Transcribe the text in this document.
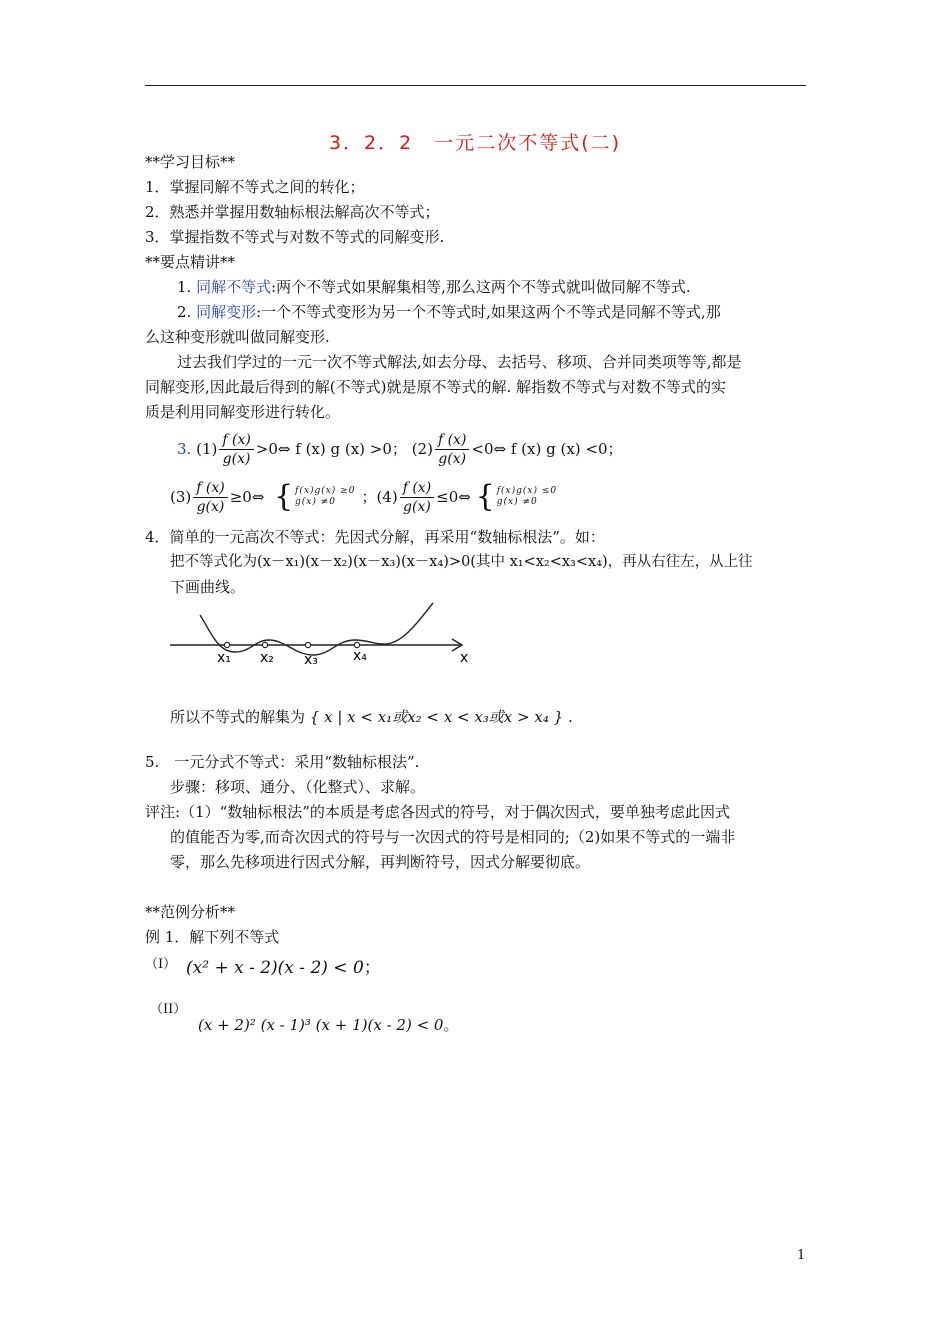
3．2．2　一元二次不等式(二)
**学习目标**
1．掌握同解不等式之间的转化；
2．熟悉并掌握用数轴标根法解高次不等式；
3．掌握指数不等式与对数不等式的同解变形.
**要点精讲**
1. 同解不等式:两个不等式如果解集相等,那么这两个不等式就叫做同解不等式.
2. 同解变形:一个不等式变形为另一个不等式时,如果这两个不等式是同解不等式,那
么这种变形就叫做同解变形.
过去我们学过的一元一次不等式解法,如去分母、去括号、移项、合并同类项等等,都是
同解变形,因此最后得到的解(不等式)就是原不等式的解. 解指数不等式与对数不等式的实
质是利用同解变形进行转化。
3.
$(1) \frac{f (x)}{g(x)}$ >0⇔ f (x) g (x) >0；
$(2) \frac{f (x)}{g(x)}$ <0⇔ f (x) g (x) <0；
$(3) \frac{f (x)}{g(x)}$ ≥0⇔
{ f(x)g(x) ≥0
g(x) ≠0	；$(4) \frac{f (x)}{g(x)}$ ≤0⇔
{ f(x)g(x) ≤0
g(x) ≠0
4．简单的一元高次不等式：先因式分解，再采用“数轴标根法”。如：
把不等式化为(x－x₁)(x－x₂)(x－x₃)(x－x₄)>0(其中 x₁<x₂<x₃<x₄)，再从右往左，从上往
下画曲线。
x₁ x₂ x₃	x₄	x
所以不等式的解集为 { x | x < x₁或x₂ < x < x₃或x > x₄ } .
5.　一元分式不等式：采用“数轴标根法”.
步骤：移项、通分、（化整式）、求解。
评注:（1）“数轴标根法”的本质是考虑各因式的符号，对于偶次因式，要单独考虑此因式
的值能否为零,而奇次因式的符号与一次因式的符号是相同的;（2)如果不等式的一端非
零，那么先移项进行因式分解，再判断符号，因式分解要彻底。
**范例分析**
例 1．解下列不等式
（I） (x² + x - 2)(x - 2) < 0；
（II）
(x + 2)² (x - 1)³ (x + 1)(x - 2) < 0。
1
